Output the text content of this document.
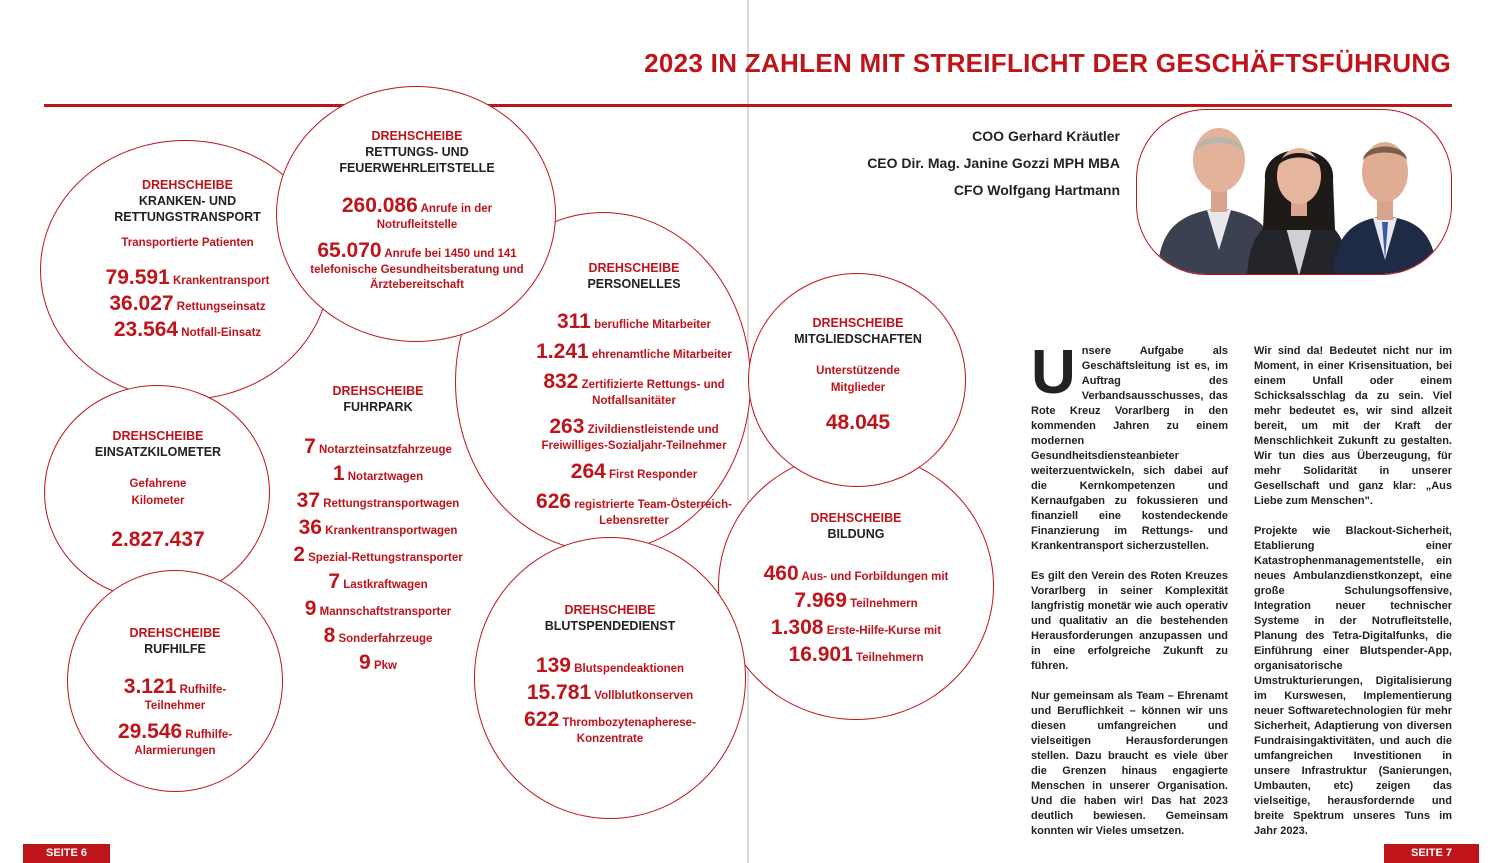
2023 IN ZAHLEN MIT STREIFLICHT DER GESCHÄFTSFÜHRUNG
DREHSCHEIBE
KRANKEN- UND
RETTUNGSTRANSPORT
Transportierte Patienten
79.591 Krankentransport
36.027 Rettungseinsatz
23.564 Notfall-Einsatz
DREHSCHEIBE
RETTUNGS- UND
FEUERWEHRLEITSTELLE
260.086 Anrufe in der Notrufleitstelle
65.070 Anrufe bei 1450 und 141 telefonische Gesundheitsberatung und Ärztebereitschaft
DREHSCHEIBE
PERSONELLES
311 berufliche Mitarbeiter
1.241 ehrenamtliche Mitarbeiter
832 Zertifizierte Rettungs- und Notfallsanitäter
263 Zivildienstleistende und Freiwilliges-Sozialjahr-Teilnehmer
264 First Responder
626 registrierte Team-Österreich-Lebensretter
DREHSCHEIBE
MITGLIEDSCHAFTEN
Unterstützende
Mitglieder
48.045
DREHSCHEIBE
EINSATZKILOMETER
Gefahrene
Kilometer
2.827.437
DREHSCHEIBE
FUHRPARK
7 Notarzteinsatzfahrzeuge
1 Notarztwagen
37 Rettungstransportwagen
36 Krankentransportwagen
2 Spezial-Rettungstransporter
7 Lastkraftwagen
9 Mannschaftstransporter
8 Sonderfahrzeuge
9 Pkw
DREHSCHEIBE
BILDUNG
460 Aus- und Forbildungen mit
7.969 Teilnehmern
1.308 Erste-Hilfe-Kurse mit
16.901 Teilnehmern
DREHSCHEIBE
RUFHILFE
3.121 Rufhilfe-Teilnehmer
29.546 Rufhilfe-Alarmierungen
DREHSCHEIBE
BLUTSPENDEDIENST
139 Blutspendeaktionen
15.781 Vollblutkonserven
622 Thrombozytenapherese-Konzentrate
COO Gerhard Kräutler
CEO Dir. Mag. Janine Gozzi MPH MBA
CFO Wolfgang Hartmann

Unsere Aufgabe als Geschäftsleitung ist es, im Auftrag des Verbandsausschusses, das Rote Kreuz Vorarlberg in den kommenden Jahren zu einem modernen Gesundheitsdiensteanbieter weiterzuentwickeln, sich dabei auf die Kernkompetenzen und Kernaufgaben zu fokussieren und finanziell eine kostendeckende Finanzierung im Rettungs- und Krankentransport sicherzustellen.

Es gilt den Verein des Roten Kreuzes Vorarlberg in seiner Komplexität langfristig monetär wie auch operativ und qualitativ an die bestehenden Herausforderungen anzupassen und in eine erfolgreiche Zukunft zu führen.

Nur gemeinsam als Team – Ehrenamt und Beruflichkeit – können wir uns diesen umfangreichen und vielseitigen Herausforderungen stellen. Dazu braucht es viele über die Grenzen hinaus engagierte Menschen in unserer Organisation. Und die haben wir! Das hat 2023 deutlich bewiesen. Gemeinsam konnten wir Vieles umsetzen.

Wir sind da! Bedeutet nicht nur im Moment, in einer Krisensituation, bei einem Unfall oder einem Schicksalsschlag da zu sein. Viel mehr bedeutet es, wir sind allzeit bereit, um mit der Kraft der Menschlichkeit Zukunft zu gestalten. Wir tun dies aus Überzeugung, für mehr Solidarität in unserer Gesellschaft und ganz klar: „Aus Liebe zum Menschen".

Projekte wie Blackout-Sicherheit, Etablierung einer Katastrophenmanagementstelle, ein neues Ambulanzdienstkonzept, eine große Schulungsoffensive, Integration neuer technischer Systeme in der Notrufleitstelle, Planung des Tetra-Digitalfunks, die Einführung einer Blutspender-App, organisatorische Umstrukturierungen, Digitalisierung im Kurswesen, Implementierung neuer Softwaretechnologien für mehr Sicherheit, Adaptierung von diversen Fundraisingaktivitäten, und auch die umfangreichen Investitionen in unsere Infrastruktur (Sanierungen, Umbauten, etc) zeigen das vielseitige, herausfordernde und breite Spektrum unseres Tuns im Jahr 2023.

SEITE 6	SEITE 7
